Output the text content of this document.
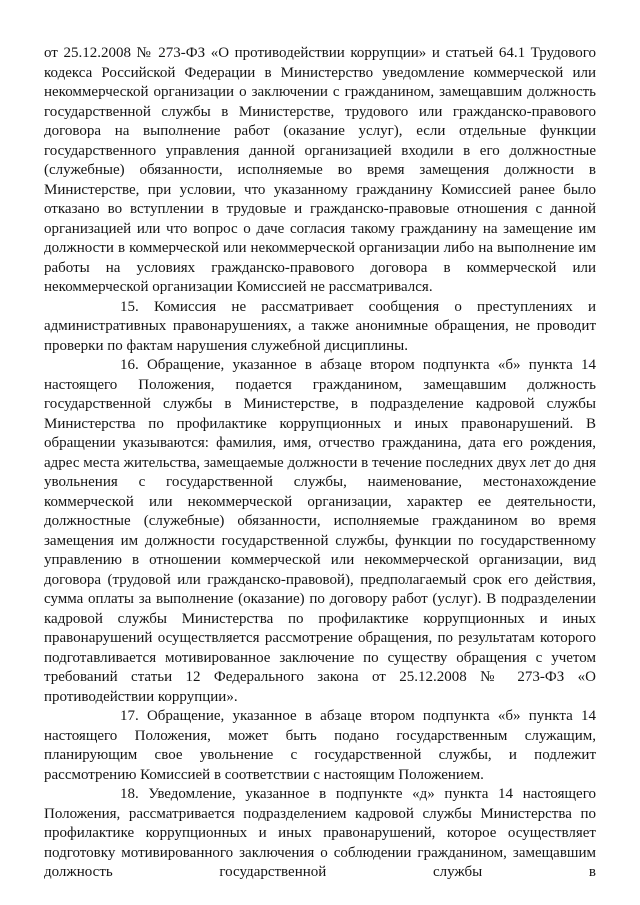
от 25.12.2008 № 273-ФЗ «О противодействии коррупции» и статьей 64.1 Трудового кодекса Российской Федерации в Министерство уведомление коммерческой или некоммерческой организации о заключении с гражданином, замещавшим должность государственной службы в Министерстве, трудового или гражданско-правового договора на выполнение работ (оказание услуг), если отдельные функции государственного управления данной организацией входили в его должностные (служебные) обязанности, исполняемые во время замещения должности в Министерстве, при условии, что указанному гражданину Комиссией ранее было отказано во вступлении в трудовые и гражданско-правовые отношения с данной организацией или что вопрос о даче согласия такому гражданину на замещение им должности в коммерческой или некоммерческой организации либо на выполнение им работы на условиях гражданско-правового договора в коммерческой или некоммерческой организации Комиссией не рассматривался.

15. Комиссия не рассматривает сообщения о преступлениях и административных правонарушениях, а также анонимные обращения, не проводит проверки по фактам нарушения служебной дисциплины.

16. Обращение, указанное в абзаце втором подпункта «б» пункта 14 настоящего Положения, подается гражданином, замещавшим должность государственной службы в Министерстве, в подразделение кадровой службы Министерства по профилактике коррупционных и иных правонарушений. В обращении указываются: фамилия, имя, отчество гражданина, дата его рождения, адрес места жительства, замещаемые должности в течение последних двух лет до дня увольнения с государственной службы, наименование, местонахождение коммерческой или некоммерческой организации, характер ее деятельности, должностные (служебные) обязанности, исполняемые гражданином во время замещения им должности государственной службы, функции по государственному управлению в отношении коммерческой или некоммерческой организации, вид договора (трудовой или гражданско-правовой), предполагаемый срок его действия, сумма оплаты за выполнение (оказание) по договору работ (услуг). В подразделении кадровой службы Министерства по профилактике коррупционных и иных правонарушений осуществляется рассмотрение обращения, по результатам которого подготавливается мотивированное заключение по существу обращения с учетом требований статьи 12 Федерального закона от 25.12.2008 № 273-ФЗ «О противодействии коррупции».

17. Обращение, указанное в абзаце втором подпункта «б» пункта 14 настоящего Положения, может быть подано государственным служащим, планирующим свое увольнение с государственной службы, и подлежит рассмотрению Комиссией в соответствии с настоящим Положением.

18. Уведомление, указанное в подпункте «д» пункта 14 настоящего Положения, рассматривается подразделением кадровой службы Министерства по профилактике коррупционных и иных правонарушений, которое осуществляет подготовку мотивированного заключения о соблюдении гражданином, замещавшим должность государственной службы в
